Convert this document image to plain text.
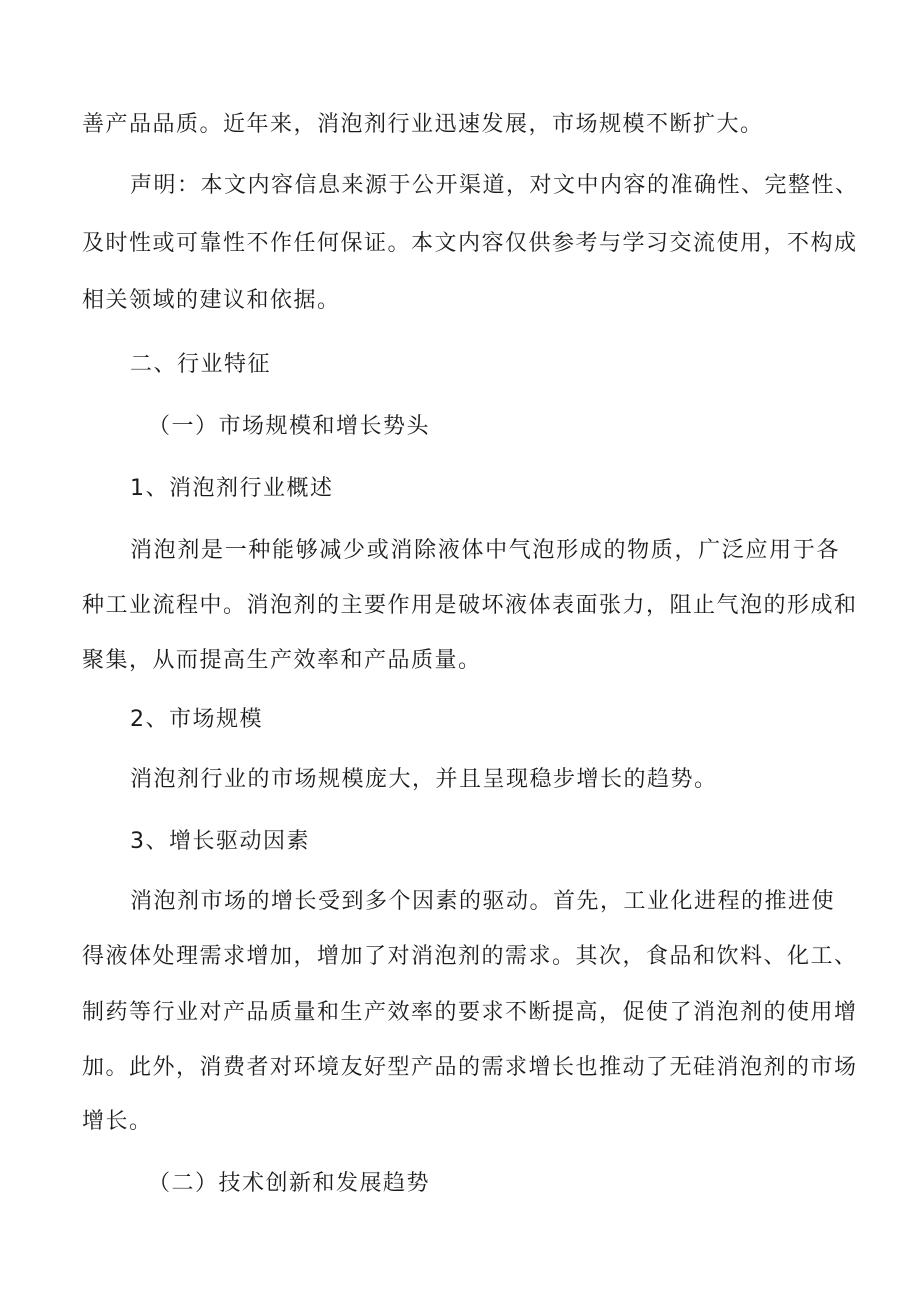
善产品品质。近年来，消泡剂行业迅速发展，市场规模不断扩大。
声明：本文内容信息来源于公开渠道，对文中内容的准确性、完整性、
及时性或可靠性不作任何保证。本文内容仅供参考与学习交流使用，不构成
相关领域的建议和依据。
二、行业特征
（一）市场规模和增长势头
1、消泡剂行业概述
消泡剂是一种能够减少或消除液体中气泡形成的物质，广泛应用于各
种工业流程中。消泡剂的主要作用是破坏液体表面张力，阻止气泡的形成和
聚集，从而提高生产效率和产品质量。
2、市场规模
消泡剂行业的市场规模庞大，并且呈现稳步增长的趋势。
3、增长驱动因素
消泡剂市场的增长受到多个因素的驱动。首先，工业化进程的推进使
得液体处理需求增加，增加了对消泡剂的需求。其次，食品和饮料、化工、
制药等行业对产品质量和生产效率的要求不断提高，促使了消泡剂的使用增
加。此外，消费者对环境友好型产品的需求增长也推动了无硅消泡剂的市场
增长。
（二）技术创新和发展趋势
